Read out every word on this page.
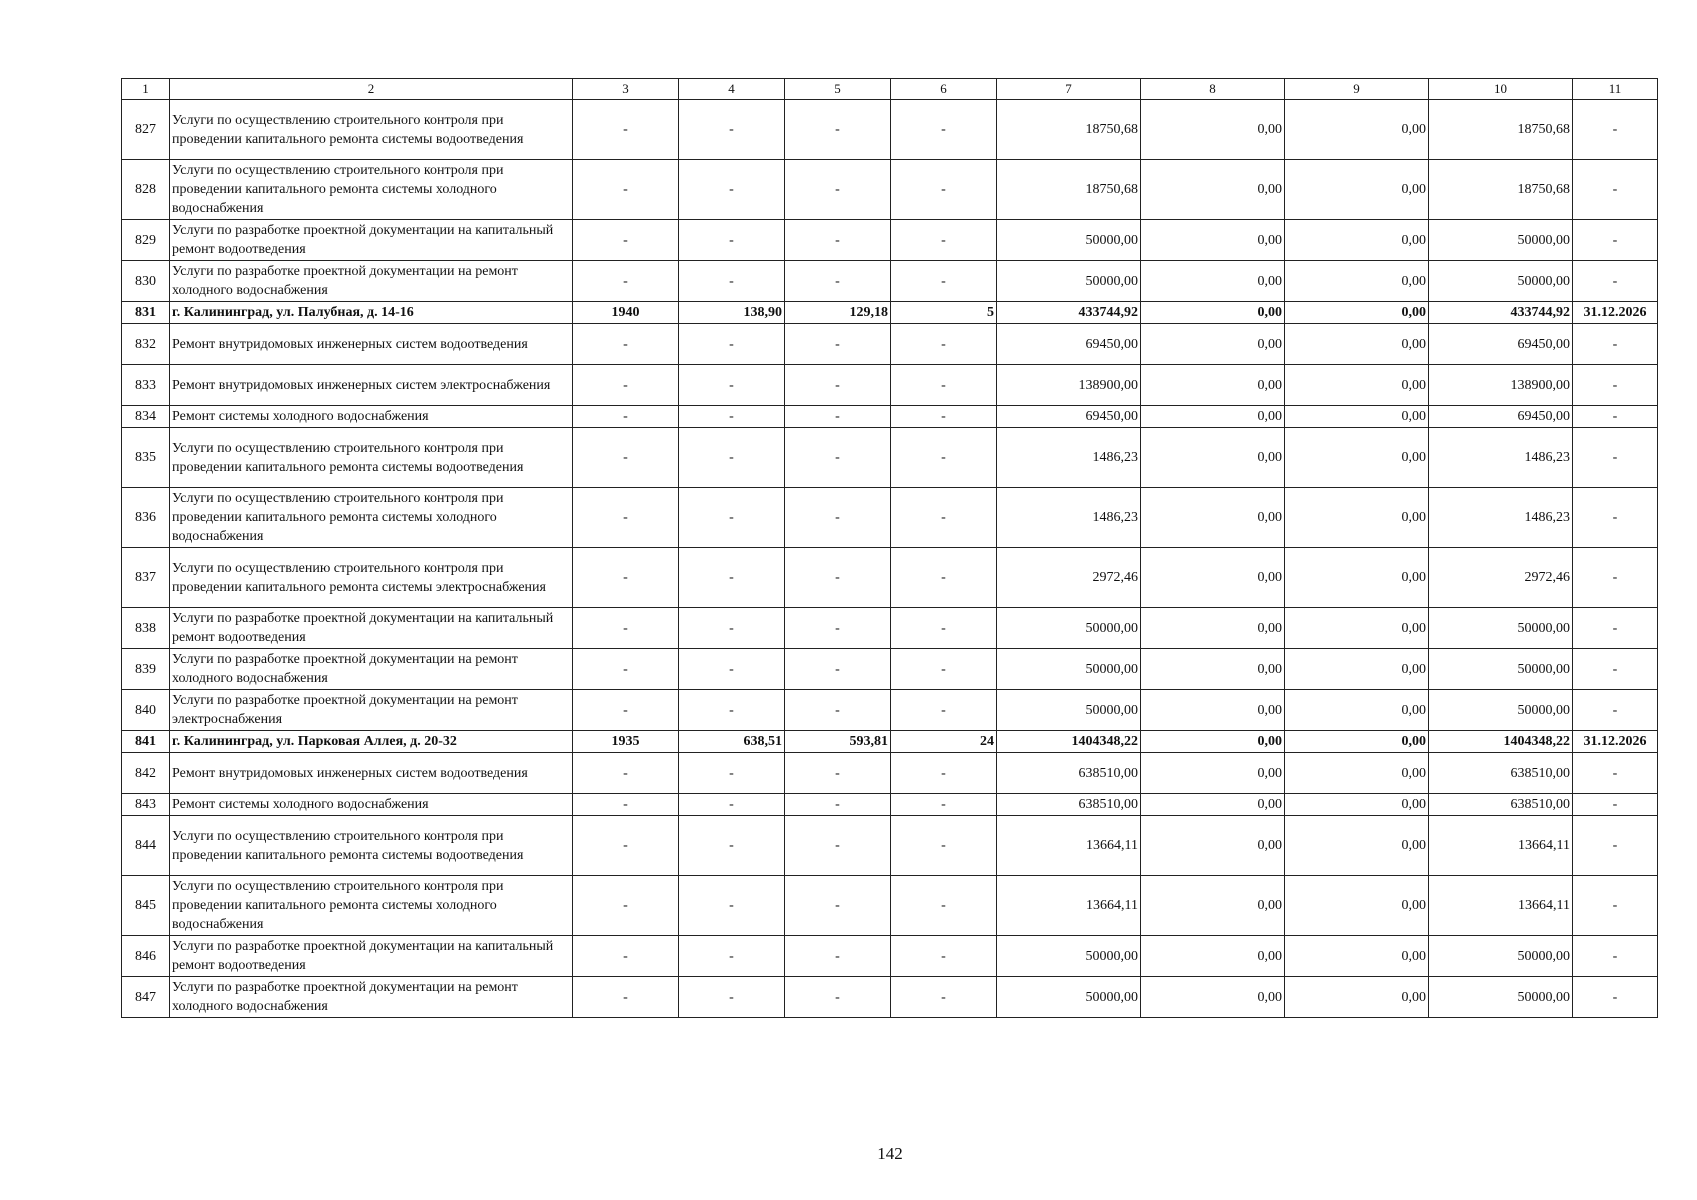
1	2	3	4	5	6	7	8	9	10	11
827	Услуги по осуществлению строительного контроля при проведении капитального ремонта системы водоотведения	-	-	-	-	18750,68	0,00	0,00	18750,68	-
828	Услуги по осуществлению строительного контроля при проведении капитального ремонта системы холодного водоснабжения	-	-	-	-	18750,68	0,00	0,00	18750,68	-
829	Услуги по разработке проектной документации на капитальный ремонт водоотведения	-	-	-	-	50000,00	0,00	0,00	50000,00	-
830	Услуги по разработке проектной документации на ремонт холодного водоснабжения	-	-	-	-	50000,00	0,00	0,00	50000,00	-
831	г. Калининград, ул. Палубная, д. 14-16	1940	138,90	129,18	5	433744,92	0,00	0,00	433744,92	31.12.2026
832	Ремонт внутридомовых инженерных систем водоотведения	-	-	-	-	69450,00	0,00	0,00	69450,00	-
833	Ремонт внутридомовых инженерных систем электроснабжения	-	-	-	-	138900,00	0,00	0,00	138900,00	-
834	Ремонт системы холодного водоснабжения	-	-	-	-	69450,00	0,00	0,00	69450,00	-
835	Услуги по осуществлению строительного контроля при проведении капитального ремонта системы водоотведения	-	-	-	-	1486,23	0,00	0,00	1486,23	-
836	Услуги по осуществлению строительного контроля при проведении капитального ремонта системы холодного водоснабжения	-	-	-	-	1486,23	0,00	0,00	1486,23	-
837	Услуги по осуществлению строительного контроля при проведении капитального ремонта системы электроснабжения	-	-	-	-	2972,46	0,00	0,00	2972,46	-
838	Услуги по разработке проектной документации на капитальный ремонт водоотведения	-	-	-	-	50000,00	0,00	0,00	50000,00	-
839	Услуги по разработке проектной документации на ремонт холодного водоснабжения	-	-	-	-	50000,00	0,00	0,00	50000,00	-
840	Услуги по разработке проектной документации на ремонт электроснабжения	-	-	-	-	50000,00	0,00	0,00	50000,00	-
841	г. Калининград, ул. Парковая Аллея, д. 20-32	1935	638,51	593,81	24	1404348,22	0,00	0,00	1404348,22	31.12.2026
842	Ремонт внутридомовых инженерных систем водоотведения	-	-	-	-	638510,00	0,00	0,00	638510,00	-
843	Ремонт системы холодного водоснабжения	-	-	-	-	638510,00	0,00	0,00	638510,00	-
844	Услуги по осуществлению строительного контроля при проведении капитального ремонта системы водоотведения	-	-	-	-	13664,11	0,00	0,00	13664,11	-
845	Услуги по осуществлению строительного контроля при проведении капитального ремонта системы холодного водоснабжения	-	-	-	-	13664,11	0,00	0,00	13664,11	-
846	Услуги по разработке проектной документации на капитальный ремонт водоотведения	-	-	-	-	50000,00	0,00	0,00	50000,00	-
847	Услуги по разработке проектной документации на ремонт холодного водоснабжения	-	-	-	-	50000,00	0,00	0,00	50000,00	-
142
